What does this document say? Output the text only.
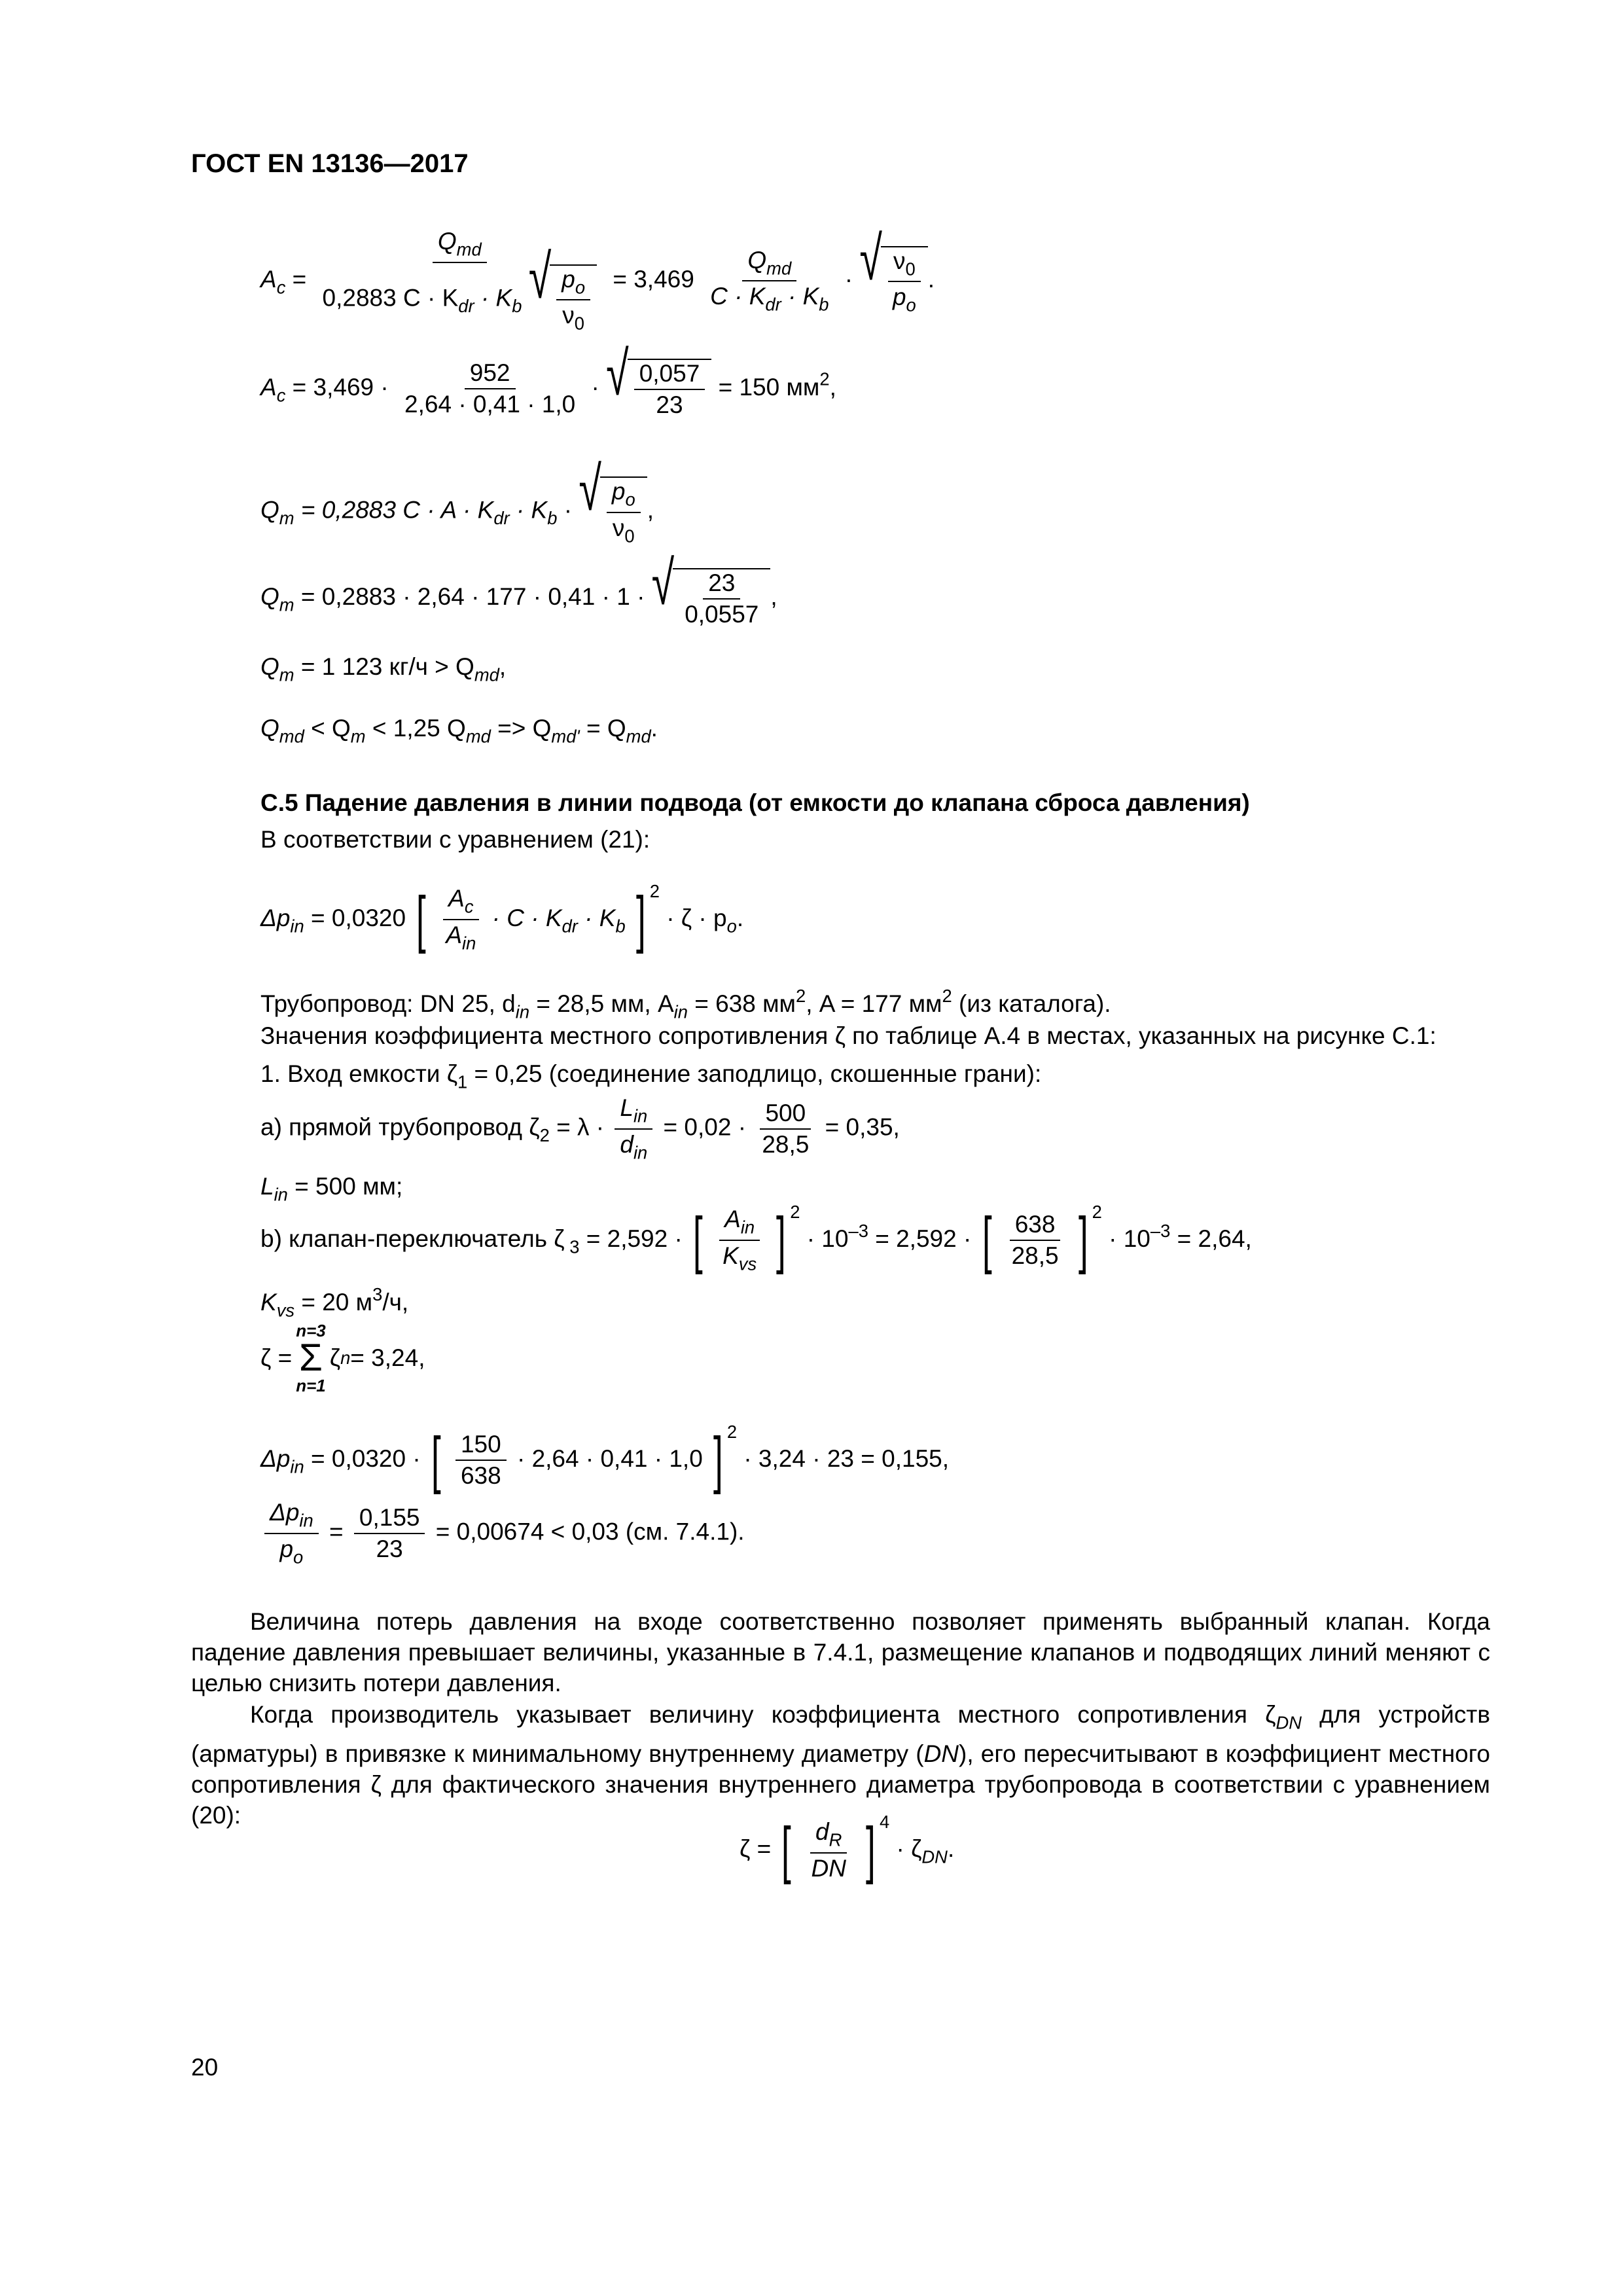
ГОСТ EN 13136—2017
$A_c = \frac{Q_{md}}{0,2883 C \cdot K_{dr} \cdot K_b √ \frac{p_o}{\nu_0}} = 3,469 \frac{Q_{md}}{C \cdot K_{dr} \cdot K_b}$ · √ $\frac{\nu_0}{p_o}$ .
$A_c = 3,469 \cdot \frac{952}{2,64 \cdot 0,41 \cdot 1,0}$ · √ $\frac{0,057}{23} = 150$ $мм^2$,
$Q_m = 0,2883$ $C \cdot A \cdot K_{dr} \cdot K_b$ · √ $\frac{p_o}{\nu_0}$ ,
$Q_m = 0,2883 \cdot 2,64 \cdot 177 \cdot 0,41 \cdot 1$ · √ $\frac{23}{0,0557}$ ,
$Q_m = 1$ 123 $кг/ч > Q_{md}$,
$Q_{md} < Q_m < 1,25$ $Q_{md} => Q_{md'} = Q_{md}$.
С.5 Падение давления в линии подвода (от емкости до клапана сброса давления)
В соответствии с уравнением (21):
$\Delta p_{in} = 0,0320$ [ $\frac{A_c}{A_{in}} \cdot C \cdot K_{dr} \cdot K_b$ ] $^2 \cdot \zeta \cdot p_o$.
Трубопровод: DN 25, $d_{in} = 28,5$ мм, $A_{in} = 638$ $мм^2$, A = 177 $мм^2$ (из каталога).
Значения коэффициента местного сопротивления ζ по таблице А.4 в местах, указанных на рисунке С.1:
1. Вход емкости $\zeta_1 = 0,25$ (соединение заподлицо, скошенные грани):
a) прямой трубопровод $\zeta_2 = \lambda \cdot \frac{L_{in}}{d_{in}} = 0,02 \cdot \frac{500}{28,5} = 0,35$,
$L_{in} = 500$ мм;
b) клапан-переключатель ζ $_3$ = 2,592 · [ $\frac{A_{in}}{K_{vs}}$ ] $^2 \cdot 10^{-3} = 2,592$ · [ $\frac{638}{28,5}$ ] $^2 \cdot 10^{-3} = 2,64$,
$K_{vs} = 20$ $м^3/ч$,
ζ =
n=3
Σ
n=1
ζ n = 3,24,
$\Delta p_{in} = 0,0320$ · [ $\frac{150}{638} \cdot 2,64 \cdot 0,41 \cdot 1,0$ ] $^2$ · 3,24 · 23 = 0,155,
$\frac{\Delta p_{in}}{p_o} = \frac{0,155}{23} = 0,00674 < 0,03$ (см. 7.4.1).
Величина потерь давления на входе соответственно позволяет применять выбранный клапан. Когда падение давления превышает величины, указанные в 7.4.1, размещение клапанов и подводящих линий меняют с целью снизить потери давления.
Когда производитель указывает величину коэффициента местного сопротивления $\zeta_{DN}$ для устройств (арматуры) в привязке к минимальному внутреннему диаметру (DN), его пересчитывают в коэффициент местного сопротивления ζ для фактического значения внутреннего диаметра трубопровода в соответствии с уравнением (20):
ζ = [ $\frac{d_R}{DN}$ ] $^4 \cdot \zeta_{DN}$.
20
